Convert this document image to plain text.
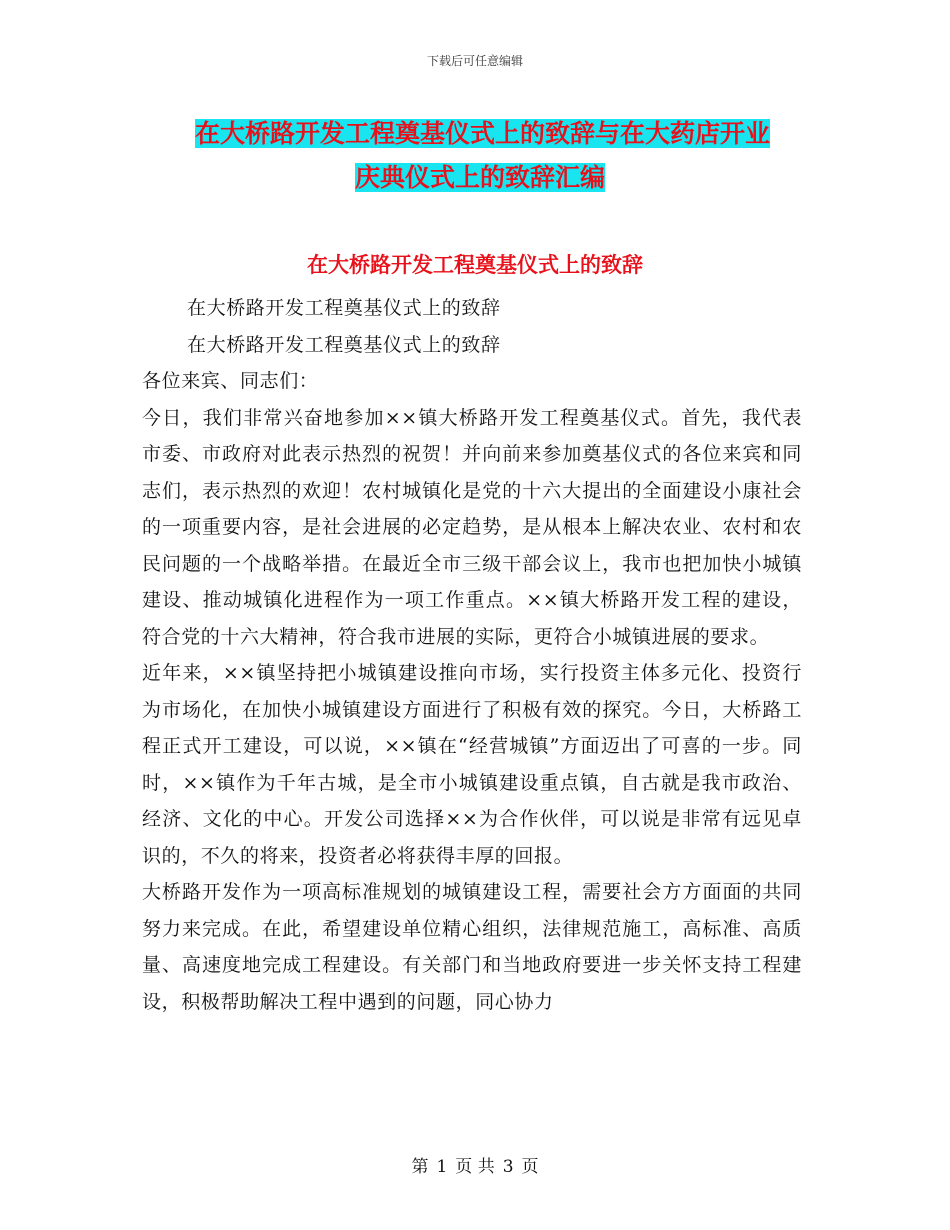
下载后可任意编辑
在大桥路开发工程奠基仪式上的致辞与在大药店开业
庆典仪式上的致辞汇编
在大桥路开发工程奠基仪式上的致辞

在大桥路开发工程奠基仪式上的致辞

在大桥路开发工程奠基仪式上的致辞

各位来宾、同志们：

今日，我们非常兴奋地参加××镇大桥路开发工程奠基仪式。首先，我代表市委、市政府对此表示热烈的祝贺！并向前来参加奠基仪式的各位来宾和同志们，表示热烈的欢迎！农村城镇化是党的十六大提出的全面建设小康社会的一项重要内容，是社会进展的必定趋势，是从根本上解决农业、农村和农民问题的一个战略举措。在最近全市三级干部会议上，我市也把加快小城镇建设、推动城镇化进程作为一项工作重点。××镇大桥路开发工程的建设，符合党的十六大精神，符合我市进展的实际，更符合小城镇进展的要求。

近年来，××镇坚持把小城镇建设推向市场，实行投资主体多元化、投资行为市场化，在加快小城镇建设方面进行了积极有效的探究。今日，大桥路工程正式开工建设，可以说，××镇在“经营城镇”方面迈出了可喜的一步。同时，××镇作为千年古城，是全市小城镇建设重点镇，自古就是我市政治、经济、文化的中心。开发公司选择××为合作伙伴，可以说是非常有远见卓识的，不久的将来，投资者必将获得丰厚的回报。

大桥路开发作为一项高标准规划的城镇建设工程，需要社会方方面面的共同努力来完成。在此，希望建设单位精心组织，法律规范施工，高标准、高质量、高速度地完成工程建设。有关部门和当地政府要进一步关怀支持工程建设，积极帮助解决工程中遇到的问题，同心协力

第 1 页 共 3 页
